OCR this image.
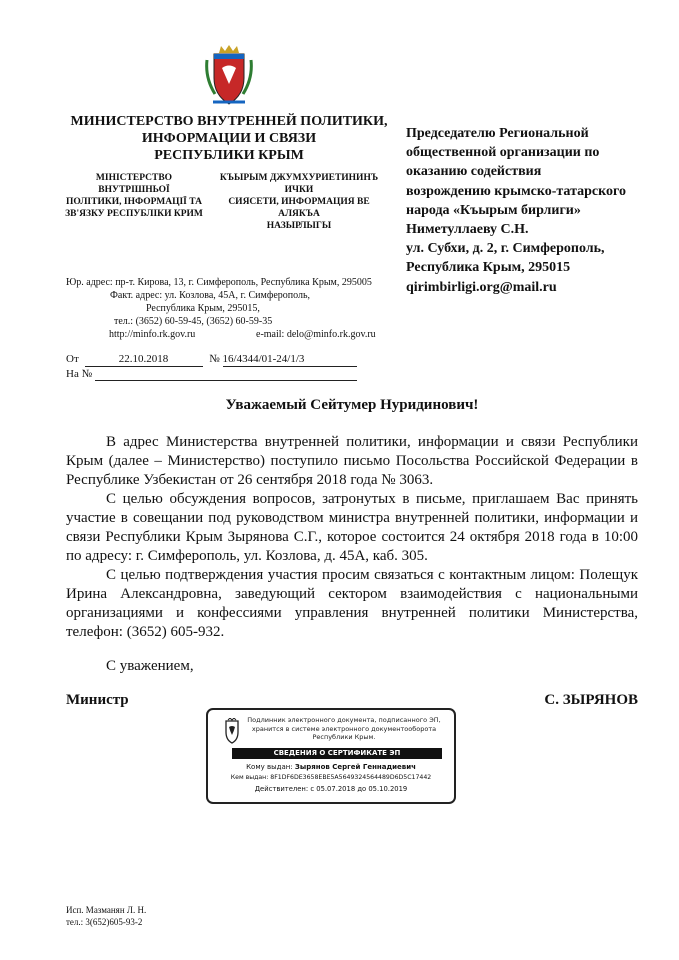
МИНИСТЕРСТВО ВНУТРЕННЕЙ ПОЛИТИКИ,
ИНФОРМАЦИИ И СВЯЗИ
РЕСПУБЛИКИ КРЫМ
МІНІСТЕРСТВО ВНУТРІШНЬОЇ
ПОЛІТИКИ, ІНФОРМАЦІЇ ТА
ЗВ'ЯЗКУ РЕСПУБЛІКИ КРИМ
КЪЫРЫМ ДЖУМХУРИЕТИНИНЪ ИЧКИ
СИЯСЕТИ, ИНФОРМАЦИЯ ВЕ АЛЯКЪА
НАЗЫРЛЫГЫ
Юр. адрес: пр-т. Кирова, 13, г. Симферополь, Республика Крым, 295005
Факт. адрес: ул. Козлова, 45А, г. Симферополь,
Республика Крым, 295015,
тел.: (3652) 60-59-45, (3652) 60-59-35
http://minfo.rk.gov.ru	e-mail: delo@minfo.rk.gov.ru
От	22.10.2018	№ 16/4344/01-24/1/3
На №
Председателю Региональной
общественной организации по
оказанию содействия
возрождению крымско-татарского
народа «Къырым бирлиги»
Ниметуллаеву С.Н.
ул. Субхи, д. 2, г. Симферополь,
Республика Крым, 295015
qirimbirligi.org@mail.ru
Уважаемый Сейтумер Нуридинович!
В адрес Министерства внутренней политики, информации и связи Республики Крым (далее – Министерство) поступило письмо Посольства Российской Федерации в Республике Узбекистан от 26 сентября 2018 года № 3063.
С целью обсуждения вопросов, затронутых в письме, приглашаем Вас принять участие в совещании под руководством министра внутренней политики, информации и связи Республики Крым Зырянова С.Г., которое состоится 24 октября 2018 года в 10:00 по адресу: г. Симферополь, ул. Козлова, д. 45А, каб. 305.
С целью подтверждения участия просим связаться с контактным лицом: Полещук Ирина Александровна, заведующий сектором взаимодействия с национальными организациями и конфессиями управления внутренней политики Министерства, телефон: (3652) 605-932.
С уважением,
Министр	С. ЗЫРЯНОВ
Подлинник электронного документа, подписанного ЭП,
хранится в системе электронного документооборота
Республики Крым.
СВЕДЕНИЯ О СЕРТИФИКАТЕ ЭП
Кому выдан: Зырянов Сергей Геннадиевич
Кем выдан: 8F1DF6DE3658EBE5A5649324564489D6D5C17442
Действителен: с 05.07.2018 до 05.10.2019
Исп. Мазманян Л. Н.
тел.: 3(652)605-93-2
